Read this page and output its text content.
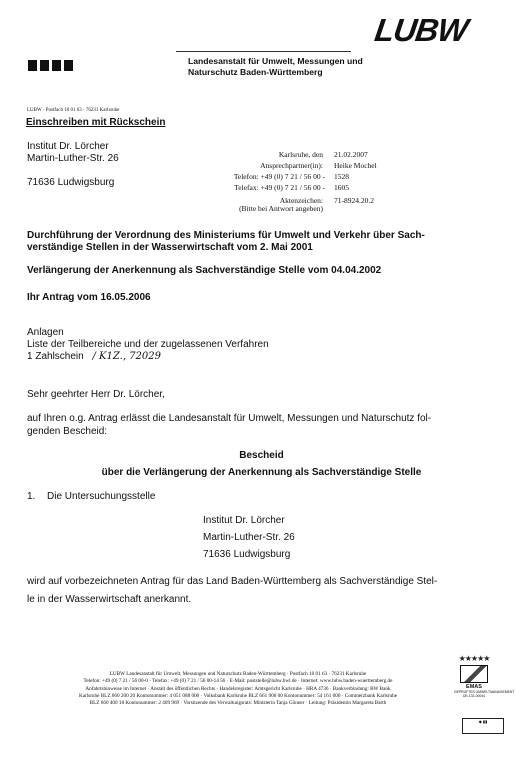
LUBW
Landesanstalt für Umwelt, Messungen und
Naturschutz Baden-Württemberg
LUBW · Postfach 10 01 63 · 76231 Karlsruhe
Einschreiben mit Rückschein
Institut Dr. Lörcher
Martin-Luther-Str. 26
71636 Ludwigsburg
Karlsruhe, den 21.02.2007
Ansprechpartner(in): Heike Mochel
Telefon: +49 (0) 7 21 / 56 00 - 1528
Telefax: +49 (0) 7 21 / 56 00 - 1605
Aktenzeichen: 71-8924.20.2
(Bitte bei Antwort angeben)
Durchführung der Verordnung des Ministeriums für Umwelt und Verkehr über Sach-
verständige Stellen in der Wasserwirtschaft vom 2. Mai 2001
Verlängerung der Anerkennung als Sachverständige Stelle vom 04.04.2002
Ihr Antrag vom 16.05.2006
Anlagen
Liste der Teilbereiche und der zugelassenen Verfahren
1 Zahlschein / K1Z., 72029
Sehr geehrter Herr Dr. Lörcher,
auf Ihren o.g. Antrag erlässt die Landesanstalt für Umwelt, Messungen und Naturschutz fol-
genden Bescheid:
Bescheid
über die Verlängerung der Anerkennung als Sachverständige Stelle
1. Die Untersuchungsstelle
Institut Dr. Lörcher
Martin-Luther-Str. 26
71636 Ludwigsburg
wird auf vorbezeichneten Antrag für das Land Baden-Württemberg als Sachverständige Stel-
le in der Wasserwirtschaft anerkannt.
LUBW Landesanstalt für Umwelt, Messungen und Naturschutz Baden-Württemberg · Postfach 10 01 63 · 76231 Karlsruhe
Telefon: +49 (0) 7 21 / 56 00-0 · Telefax: +49 (0) 7 21 / 56 00-14 56 · E-Mail: poststelle@lubw.bwl.de · Internet: www.lubw.baden-wuerttemberg.de
Anfahrtshinweise im Internet · Anstalt des öffentlichen Rechts · Handelsregister: Amtsgericht Karlsruhe · HRA 4736 · Bankverbindung: BW Bank
Karlsruhe BLZ 660 200 20 Kontonummer: 4 051 088 000 · Volksbank Karlsruhe BLZ 661 900 00 Kontonummer: 54 161 000 · Commerzbank Karlsruhe
BLZ 660 400 18 Kontonummer: 2 409 969 · Vorsitzende des Verwaltungsrats: Ministerin Tanja Gönner · Leitung: Präsidentin Margareta Barth
★★★★★
EMAS
GEPRÜFTES UMWELTMANAGEMENT
DE-131-00044
◆ ▮▮
